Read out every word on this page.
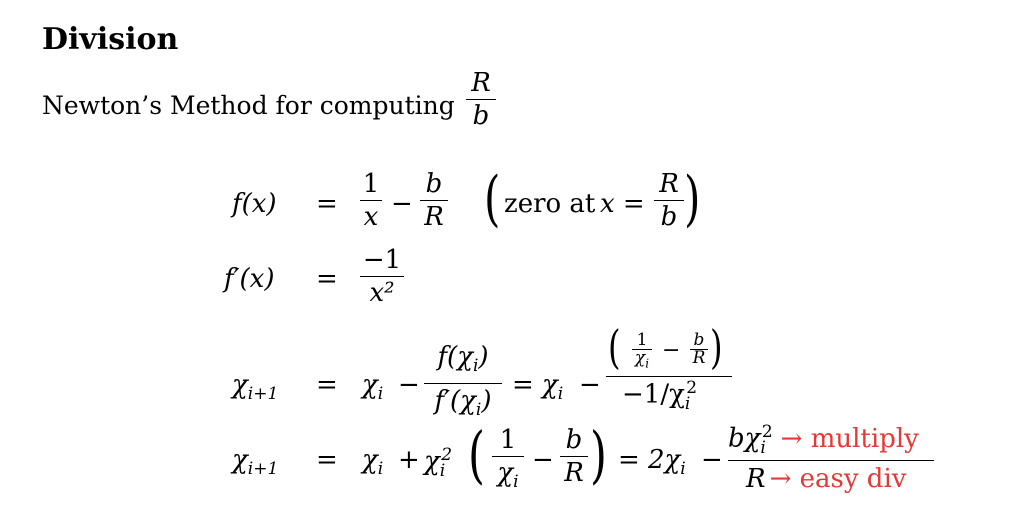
Division
Newton’s Method for computing
R
b
f(x) =
1
x −
b
R ( zero at x =
R
b )
f′(x) =
−1
x²
$\chi_{i+1} = \chi_i$ −
$f(\chi_i)$
$f'(\chi_i)$
= $\chi_i$ −
( 1
$\chi_i$
− b
R )
$-1/\chi_i^2$
$\chi_{i+1} = \chi_i + \chi_i^2$ ( 1
$\chi_i$
−
b
R ) = $2\chi_i$ −
$b\chi_i^2$ → multiply
R → easy div
